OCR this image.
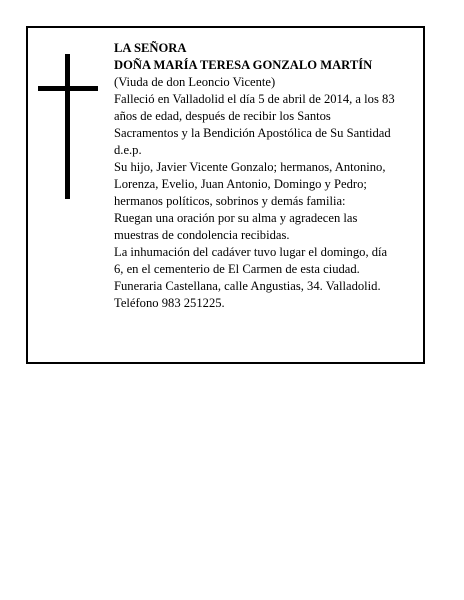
LA SEÑORA
DOÑA MARÍA TERESA GONZALO MARTÍN
(Viuda de don Leoncio Vicente)
Falleció en Valladolid el día 5 de abril de 2014, a los 83
años de edad, después de recibir los Santos
Sacramentos y la Bendición Apostólica de Su Santidad
d.e.p.
Su hijo, Javier Vicente Gonzalo; hermanos, Antonino,
Lorenza, Evelio, Juan Antonio, Domingo y Pedro;
hermanos políticos, sobrinos y demás familia:
Ruegan una oración por su alma y agradecen las
muestras de condolencia recibidas.
La inhumación del cadáver tuvo lugar el domingo, día
6, en el cementerio de El Carmen de esta ciudad.
Funeraria Castellana, calle Angustias, 34. Valladolid.
Teléfono 983 251225.
